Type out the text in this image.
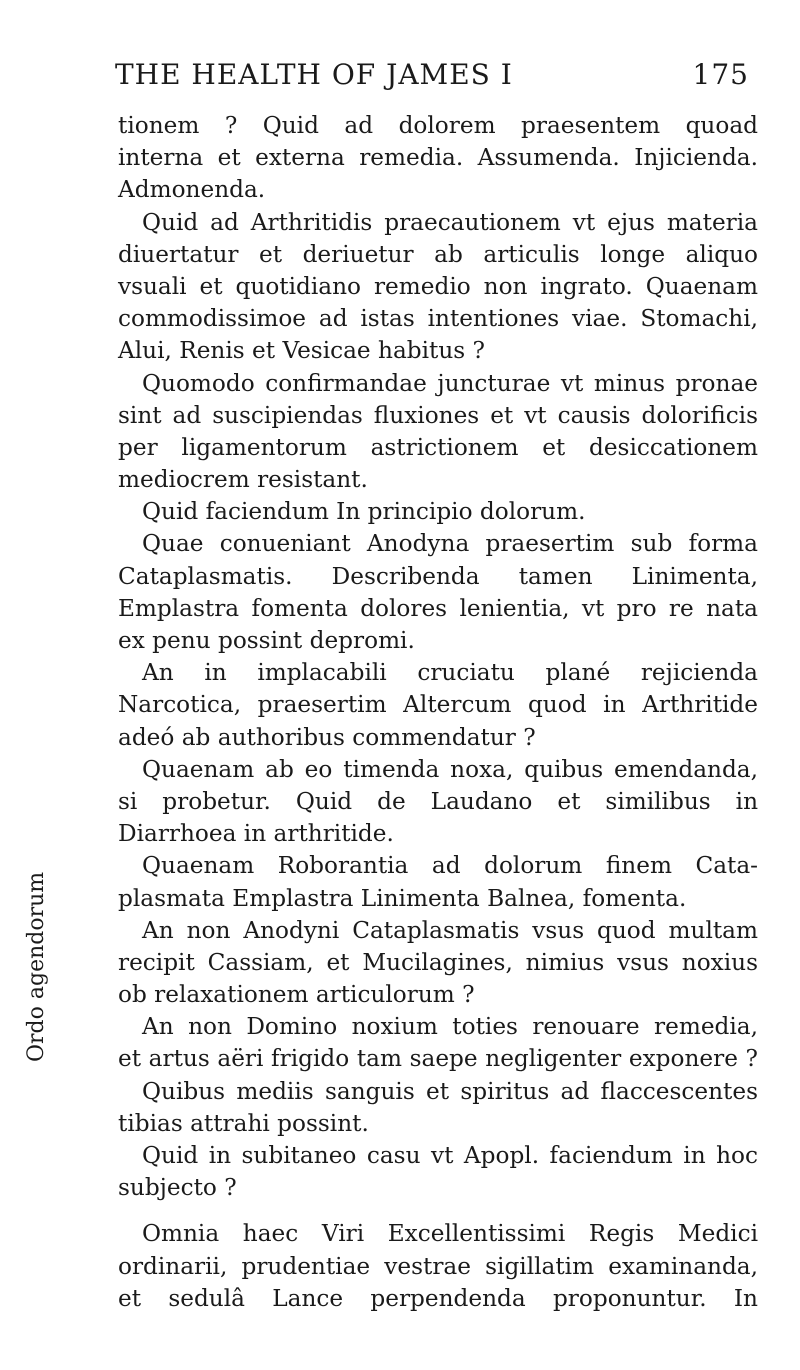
THE HEALTH OF JAMES I	175
Ordo agendorum
tionem ? Quid ad dolorem praesentem quoad
interna et externa remedia. Assumenda. Injicienda.
Admonenda.
Quid ad Arthritidis praecautionem vt ejus materia
diuertatur et deriuetur ab articulis longe aliquo
vsuali et quotidiano remedio non ingrato. Quaenam
commodissimoe ad istas intentiones viae. Stomachi,
Alui, Renis et Vesicae habitus ?
Quomodo confirmandae juncturae vt minus pronae
sint ad suscipiendas fluxiones et vt causis dolorificis
per ligamentorum astrictionem et desiccationem
mediocrem resistant.
Quid faciendum In principio dolorum.
Quae conueniant Anodyna praesertim sub forma
Cataplasmatis. Describenda tamen Linimenta,
Emplastra fomenta dolores lenientia, vt pro re nata
ex penu possint depromi.
An in implacabili cruciatu plané rejicienda
Narcotica, praesertim Altercum quod in Arthritide
adeó ab authoribus commendatur ?
Quaenam ab eo timenda noxa, quibus emendanda,
si probetur. Quid de Laudano et similibus in
Diarrhoea in arthritide.
Quaenam Roborantia ad dolorum finem Cata-
plasmata Emplastra Linimenta Balnea, fomenta.
An non Anodyni Cataplasmatis vsus quod multam
recipit Cassiam, et Mucilagines, nimius vsus noxius
ob relaxationem articulorum ?
An non Domino noxium toties renouare remedia,
et artus aëri frigido tam saepe negligenter exponere ?
Quibus mediis sanguis et spiritus ad flaccescentes
tibias attrahi possint.
Quid in subitaneo casu vt Apopl. faciendum in hoc
subjecto ?
Omnia haec Viri Excellentissimi Regis Medici
ordinarii, prudentiae vestrae sigillatim examinanda,
et sedulâ Lance perpendenda proponuntur. In
